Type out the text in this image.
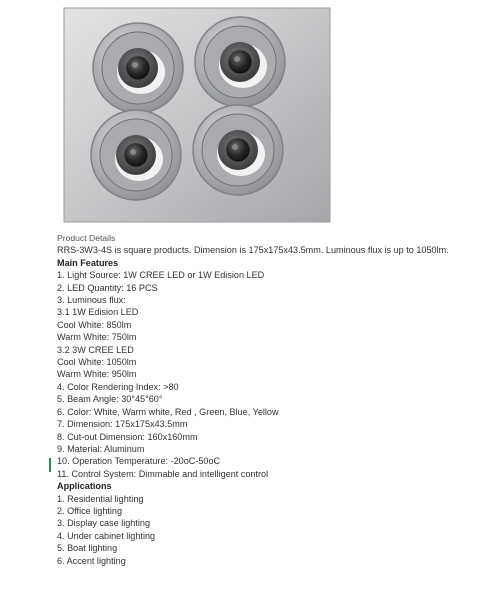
Product Details
RRS-3W3-4S is square products. Dimension is 175x175x43.5mm. Luminous flux is up to 1050lm.
Main Features
1. Light Source: 1W CREE LED or 1W Edision LED
2. LED Quantity: 16 PCS
3. Luminous flux:
3.1 1W Edision LED
Cool White: 850lm
Warm White: 750lm
3.2 3W CREE LED
Cool White: 1050lm
Warm White: 950lm
4. Color Rendering Index: >80
5. Beam Angle: 30°45°60°
6. Color: White, Warm white, Red , Green, Blue, Yellow
7. Dimension: 175x175x43.5mm
8. Cut-out Dimension: 160x160mm
9. Material: Aluminum
10. Operation Temperature: -20oC-50oC
11. Control System: Dimmable and intelligent control
Applications
1. Residential lighting
2. Office lighting
3. Display case lighting
4. Under cabinet lighting
5. Boat lighting
6. Accent lighting
